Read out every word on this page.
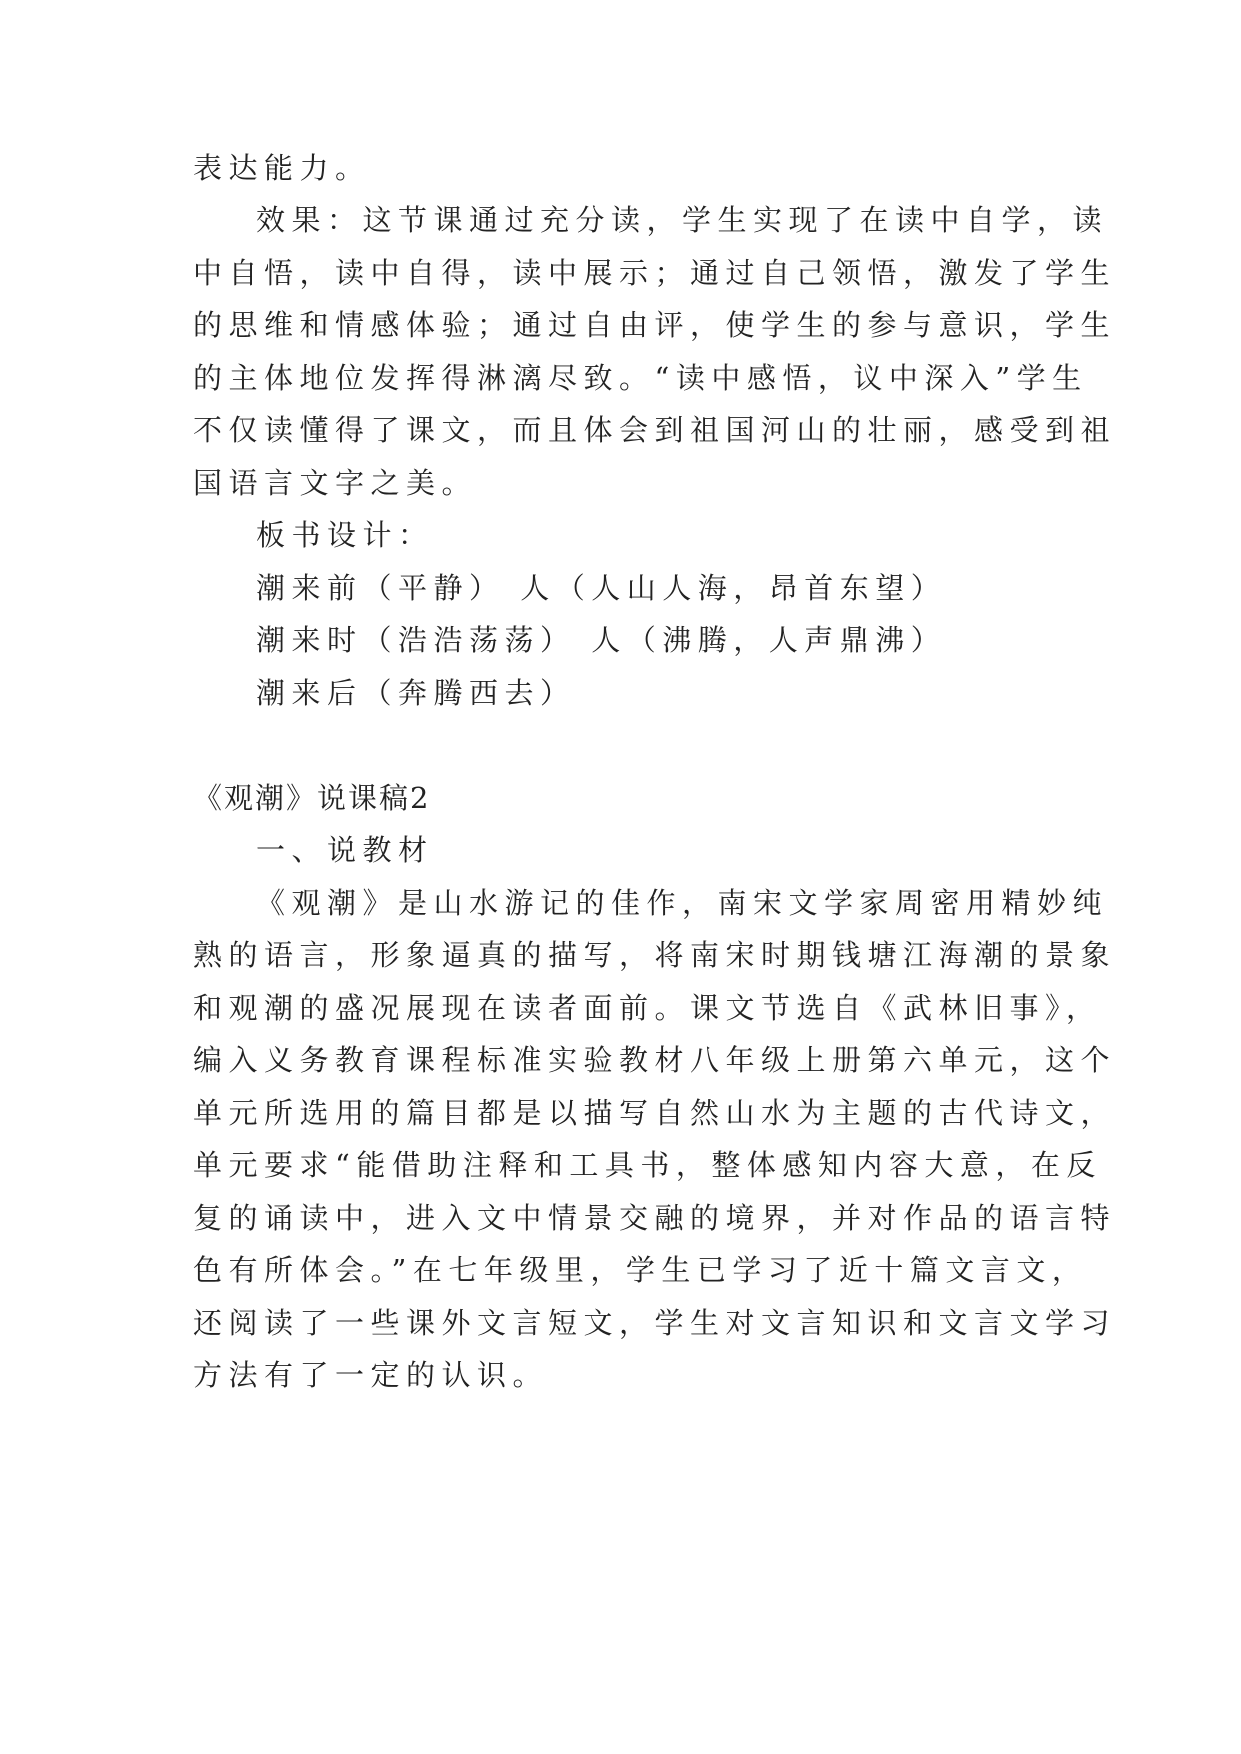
表达能力。
效果：这节课通过充分读，学生实现了在读中自学，读
中自悟，读中自得，读中展示；通过自己领悟，激发了学生
的思维和情感体验；通过自由评，使学生的参与意识，学生
的主体地位发挥得淋漓尽致。“读中感悟，议中深入”学生
不仅读懂得了课文，而且体会到祖国河山的壮丽，感受到祖
国语言文字之美。
板书设计：
潮来前（平静） 人（人山人海，昂首东望）
潮来时（浩浩荡荡） 人（沸腾，人声鼎沸）
潮来后（奔腾西去）
《观潮》说课稿2
一、说教材
《观潮》是山水游记的佳作，南宋文学家周密用精妙纯
熟的语言，形象逼真的描写，将南宋时期钱塘江海潮的景象
和观潮的盛况展现在读者面前。课文节选自《武林旧事》，
编入义务教育课程标准实验教材八年级上册第六单元，这个
单元所选用的篇目都是以描写自然山水为主题的古代诗文，
单元要求“能借助注释和工具书，整体感知内容大意，在反
复的诵读中，进入文中情景交融的境界，并对作品的语言特
色有所体会。”在七年级里，学生已学习了近十篇文言文，
还阅读了一些课外文言短文，学生对文言知识和文言文学习
方法有了一定的认识。
